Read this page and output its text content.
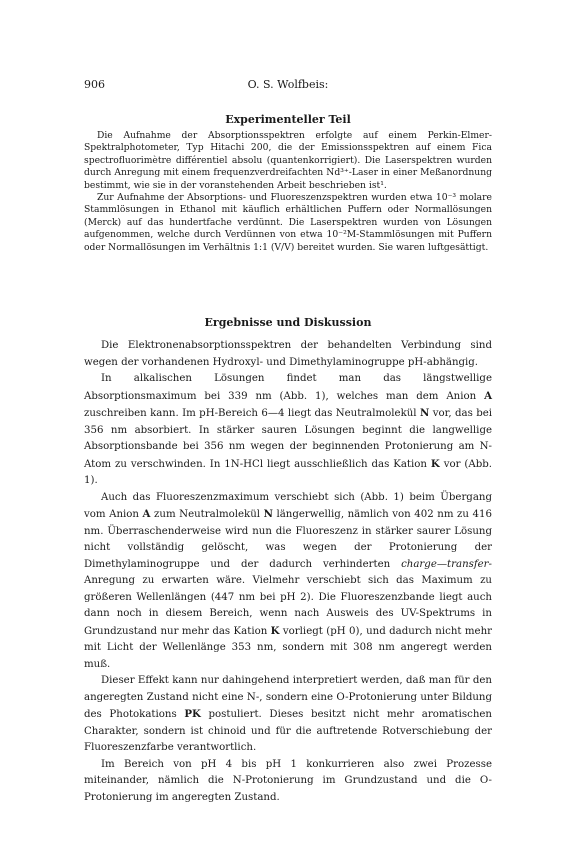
906	O. S. Wolfbeis:
Experimenteller Teil

Die Aufnahme der Absorptionsspektren erfolgte auf einem Perkin-Elmer-Spektralphotometer, Typ Hitachi 200, die der Emissionsspektren auf einem Fica spectrofluorimètre différentiel absolu (quantenkorrigiert). Die Laserspektren wurden durch Anregung mit einem frequenzverdreifachten Nd³⁺-Laser in einer Meßanordnung bestimmt, wie sie in der voranstehenden Arbeit beschrieben ist¹.

Zur Aufnahme der Absorptions- und Fluoreszenzspektren wurden etwa 10⁻³ molare Stammlösungen in Ethanol mit käuflich erhältlichen Puffern oder Normallösungen (Merck) auf das hundertfache verdünnt. Die Laserspektren wurden von Lösungen aufgenommen, welche durch Verdünnen von etwa 10⁻²M-Stammlösungen mit Puffern oder Normallösungen im Verhältnis 1:1 (V/V) bereitet wurden. Sie waren luftgesättigt.

Ergebnisse und Diskussion

Die Elektronenabsorptionsspektren der behandelten Verbindung sind wegen der vorhandenen Hydroxyl- und Dimethylaminogruppe pH-abhängig.

In alkalischen Lösungen findet man das längstwellige Absorptionsmaximum bei 339 nm (Abb. 1), welches man dem Anion A zuschreiben kann. Im pH-Bereich 6—4 liegt das Neutralmolekül N vor, das bei 356 nm absorbiert. In stärker sauren Lösungen beginnt die langwellige Absorptionsbande bei 356 nm wegen der beginnenden Protonierung am N-Atom zu verschwinden. In 1N-HCl liegt ausschließlich das Kation K vor (Abb. 1).

Auch das Fluoreszenzmaximum verschiebt sich (Abb. 1) beim Übergang vom Anion A zum Neutralmolekül N längerwellig, nämlich von 402 nm zu 416 nm. Überraschenderweise wird nun die Fluoreszenz in stärker saurer Lösung nicht vollständig gelöscht, was wegen der Protonierung der Dimethylaminogruppe und der dadurch verhinderten charge—transfer-Anregung zu erwarten wäre. Vielmehr verschiebt sich das Maximum zu größeren Wellenlängen (447 nm bei pH 2). Die Fluoreszenzbande liegt auch dann noch in diesem Bereich, wenn nach Ausweis des UV-Spektrums in Grundzustand nur mehr das Kation K vorliegt (pH 0), und dadurch nicht mehr mit Licht der Wellenlänge 353 nm, sondern mit 308 nm angeregt werden muß.

Dieser Effekt kann nur dahingehend interpretiert werden, daß man für den angeregten Zustand nicht eine N-, sondern eine O-Protonierung unter Bildung des Photokations PK postuliert. Dieses besitzt nicht mehr aromatischen Charakter, sondern ist chinoid und für die auftretende Rotverschiebung der Fluoreszenzfarbe verantwortlich.

Im Bereich von pH 4 bis pH 1 konkurrieren also zwei Prozesse miteinander, nämlich die N-Protonierung im Grundzustand und die O-Protonierung im angeregten Zustand.
